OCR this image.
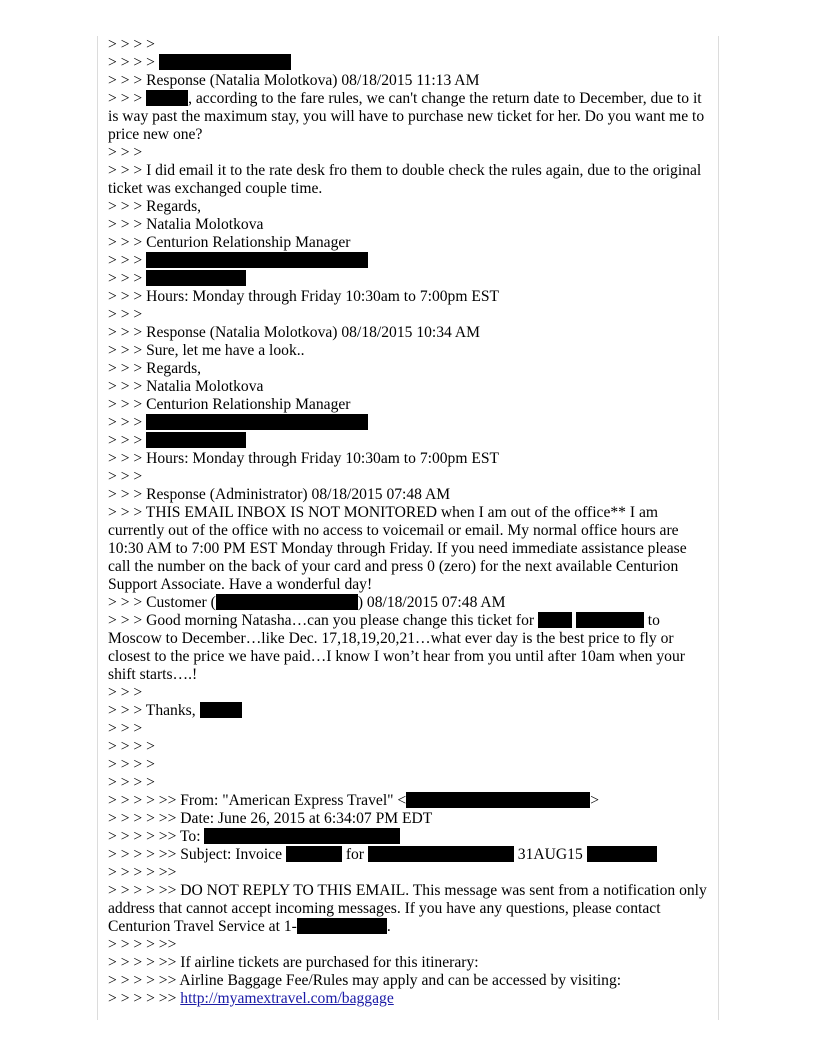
> > > >
> > > >
> > > Response (Natalia Molotkova) 08/18/2015 11:13 AM
> > >	, according to the fare rules, we can't change the return date to December, due to it is way past the maximum stay, you will have to purchase new ticket for her. Do you want me to price new one?
> > >
> > > I did email it to the rate desk fro them to double check the rules again, due to the original ticket was exchanged couple time.
> > > Regards,
> > > Natalia Molotkova
> > > Centurion Relationship Manager
> > >
> > >
> > > Hours: Monday through Friday 10:30am to 7:00pm EST
> > >
> > > Response (Natalia Molotkova) 08/18/2015 10:34 AM
> > > Sure, let me have a look..
> > > Regards,
> > > Natalia Molotkova
> > > Centurion Relationship Manager
> > >
> > >
> > > Hours: Monday through Friday 10:30am to 7:00pm EST
> > >
> > > Response (Administrator) 08/18/2015 07:48 AM
> > > THIS EMAIL INBOX IS NOT MONITORED when I am out of the office** I am currently out of the office with no access to voicemail or email. My normal office hours are 10:30 AM to 7:00 PM EST Monday through Friday. If you need immediate assistance please call the number on the back of your card and press 0 (zero) for the next available Centurion Support Associate. Have a wonderful day!
> > > Customer (	) 08/18/2015 07:48 AM
> > > Good morning Natasha…can you please change this ticket for	to Moscow to December…like Dec. 17,18,19,20,21…what ever day is the best price to fly or closest to the price we have paid…I know I won’t hear from you until after 10am when your shift starts….!
> > >
> > > Thanks,
> > >
> > > >
> > > >
> > > >
> > > > >> From: "American Express Travel" <	>
> > > > >> Date: June 26, 2015 at 6:34:07 PM EDT
> > > > >> To:
> > > > >> Subject: Invoice	for	31AUG15
> > > > >>
> > > > >> DO NOT REPLY TO THIS EMAIL. This message was sent from a notification only address that cannot accept incoming messages. If you have any questions, please contact Centurion Travel Service at 1-	.
> > > > >>
> > > > >> If airline tickets are purchased for this itinerary:
> > > > >> Airline Baggage Fee/Rules may apply and can be accessed by visiting:
> > > > >> http://myamextravel.com/baggage
